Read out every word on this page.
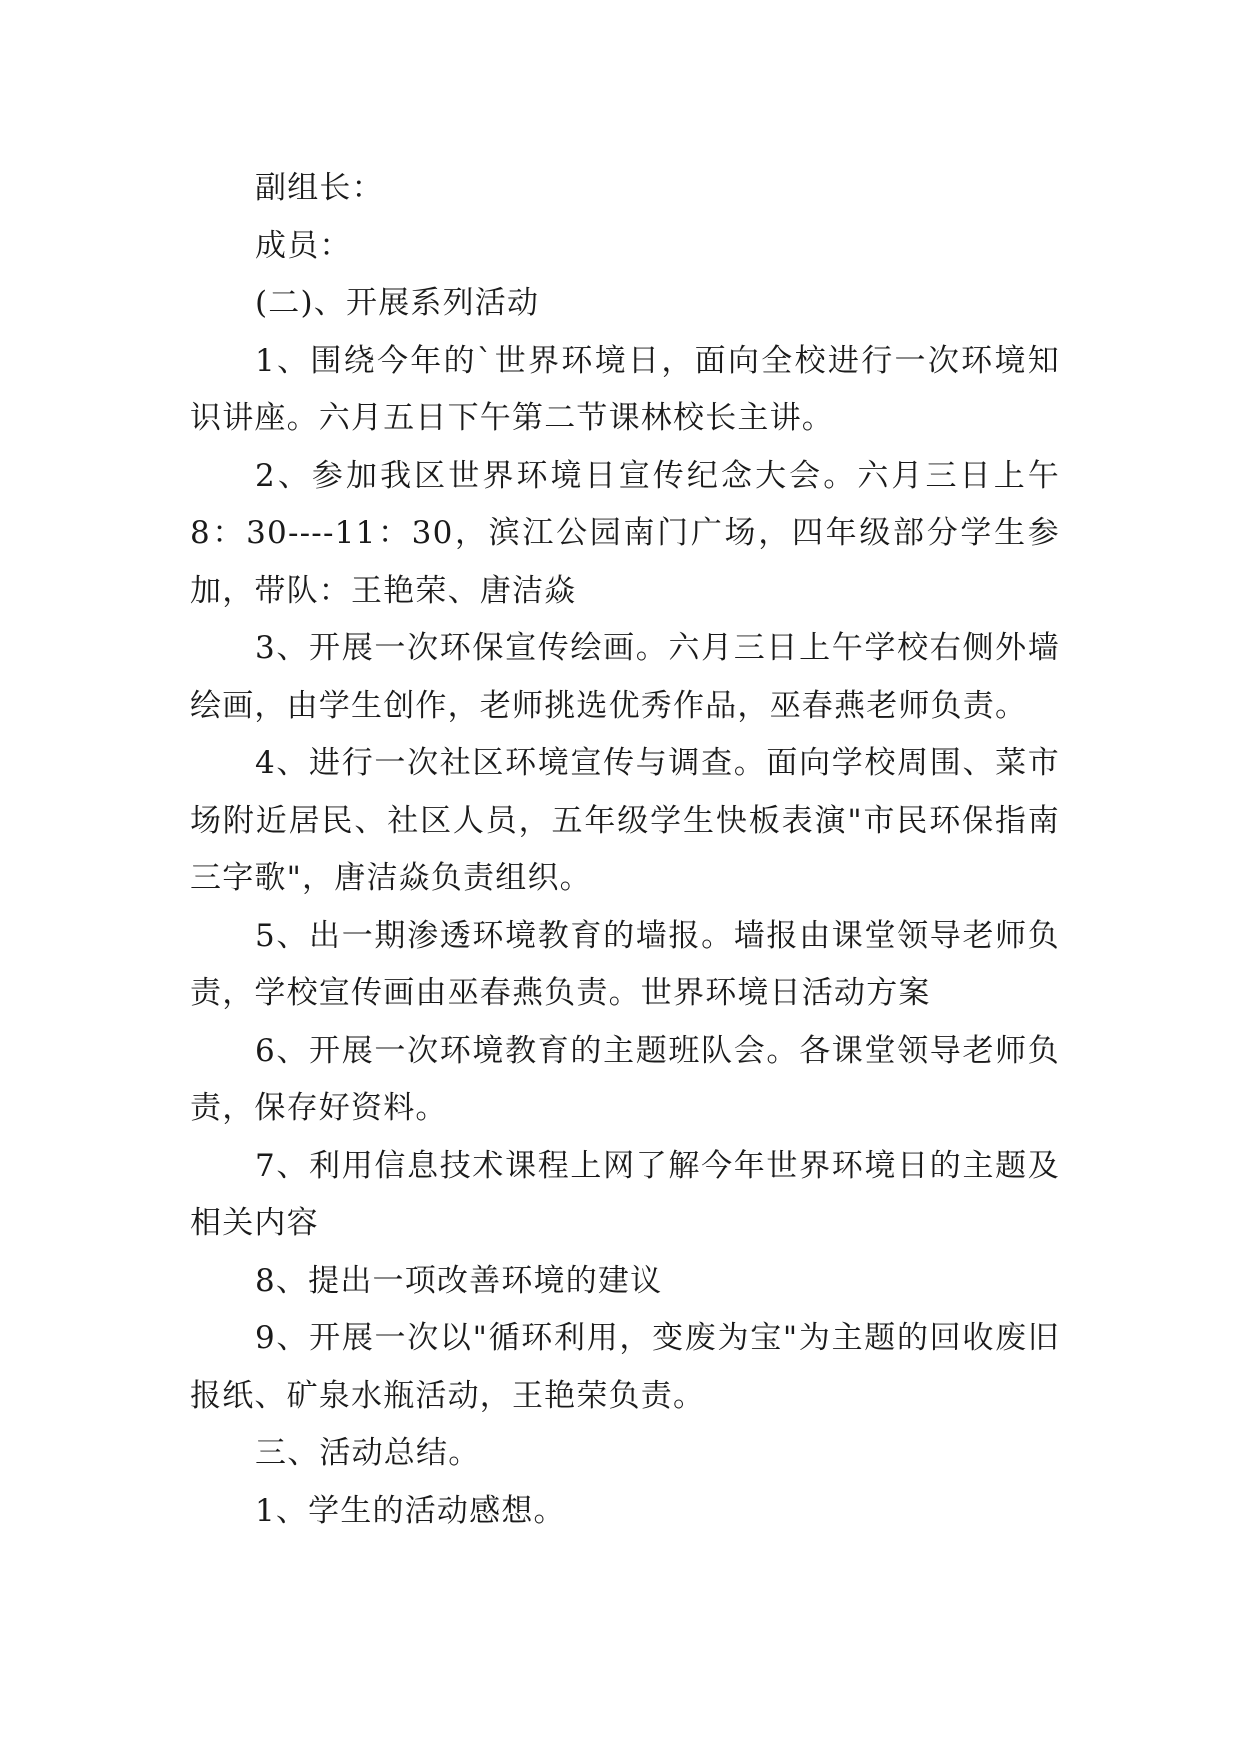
副组长：

成员：

(二)、开展系列活动

1、围绕今年的`世界环境日，面向全校进行一次环境知识讲座。六月五日下午第二节课林校长主讲。

2、参加我区世界环境日宣传纪念大会。六月三日上午8：30----11：30，滨江公园南门广场，四年级部分学生参加，带队：王艳荣、唐洁焱

3、开展一次环保宣传绘画。六月三日上午学校右侧外墙绘画，由学生创作，老师挑选优秀作品，巫春燕老师负责。

4、进行一次社区环境宣传与调查。面向学校周围、菜市场附近居民、社区人员，五年级学生快板表演"市民环保指南三字歌"，唐洁焱负责组织。

5、出一期渗透环境教育的墙报。墙报由课堂领导老师负责，学校宣传画由巫春燕负责。世界环境日活动方案

6、开展一次环境教育的主题班队会。各课堂领导老师负责，保存好资料。

7、利用信息技术课程上网了解今年世界环境日的主题及相关内容

8、提出一项改善环境的建议

9、开展一次以"循环利用，变废为宝"为主题的回收废旧报纸、矿泉水瓶活动，王艳荣负责。

三、活动总结。

1、学生的活动感想。
